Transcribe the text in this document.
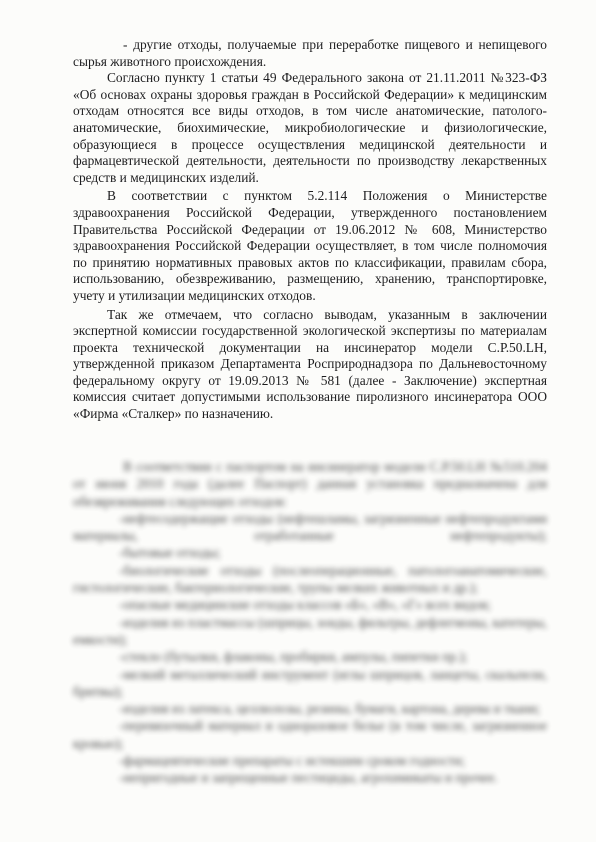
- другие отходы, получаемые при переработке пищевого и непищевого сырья животного происхождения.

Согласно пункту 1 статьи 49 Федерального закона от 21.11.2011 №323-ФЗ «Об основах охраны здоровья граждан в Российской Федерации» к медицинским отходам относятся все виды отходов, в том числе анатомические, патолого-анатомические, биохимические, микробиологические и физиологические, образующиеся в процессе осуществления медицинской деятельности и фармацевтической деятельности, деятельности по производству лекарственных средств и медицинских изделий.

В соответствии с пунктом 5.2.114 Положения о Министерстве здравоохранения Российской Федерации, утвержденного постановлением Правительства Российской Федерации от 19.06.2012 № 608, Министерство здравоохранения Российской Федерации осуществляет, в том числе полномочия по принятию нормативных правовых актов по классификации, правилам сбора, использованию, обезвреживанию, размещению, хранению, транспортировке, учету и утилизации медицинских отходов.

Так же отмечаем, что согласно выводам, указанным в заключении экспертной комиссии государственной экологической экспертизы по материалам проекта технической документации на инсинератор модели С.Р.50.LH, утвержденной приказом Департамента Росприроднадзора по Дальневосточному федеральному округу от 19.09.2013 № 581 (далее - Заключение) экспертная комиссия считает допустимыми использование пиролизного инсинератора ООО «Фирма «Сталкер» по назначению.

В соответствии с паспортом на инсинератор модели С.Р.50.LH №510.204 от июня 2010 года (далее Паспорт) данная установка предназначена для обезвреживания следующих отходов:

-нефтесодержащие отходы (нефтешламы, загрязненные нефтепродуктами материалы, отработанные нефтепродукты);

-бытовые отходы;

-биологические отходы (послеоперационные, патологоанатомические, гистологические, бактериологические, трупы мелких животных и др.);

-опасные медицинские отходы классов «Б», «В», «Г» всех видов;

-изделия из пластмассы (шприцы, зонды, фильтры, дефлегмоны, катетеры, емкости);

-стекло (бутылки, флаконы, пробирки, ампулы, пипетки пр.);

-мелкий металлический инструмент (иглы шприцов, ланцеты, скальпели, бритвы);

-изделия из латекса, целлюлозы, резины, бумаги, картона, дерева и ткани;

-перевязочный материал и одноразовое белье (в том числе, загрязненное кровью);

-фармацевтические препараты с истекшим сроком годности;

-непригодные и запрещенные пестициды, агрохимикаты и прочее.
